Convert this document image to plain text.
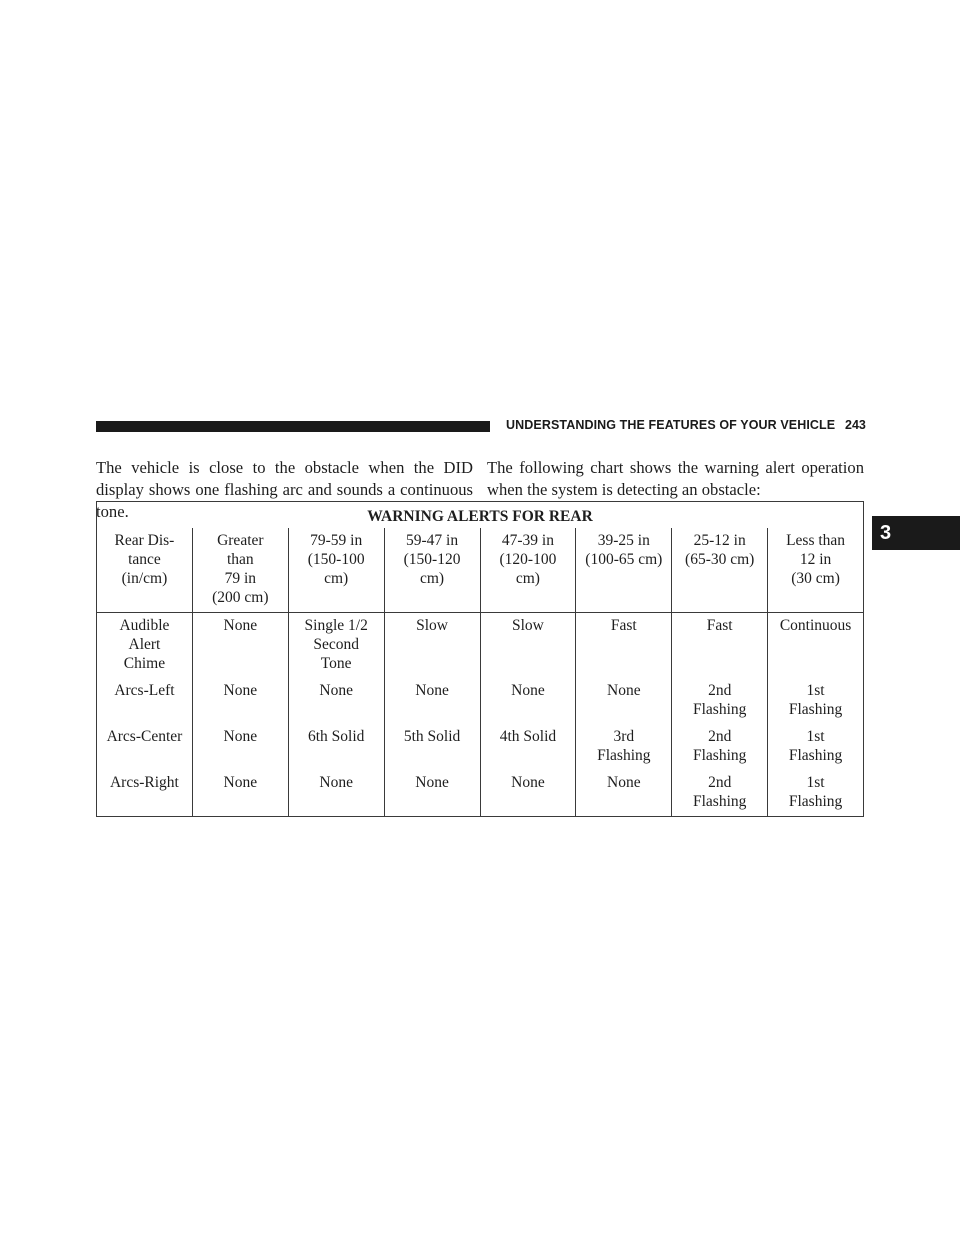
UNDERSTANDING THE FEATURES OF YOUR VEHICLE 243
3

The vehicle is close to the obstacle when the DID display shows one flashing arc and sounds a continuous tone.

The following chart shows the warning alert operation when the system is detecting an obstacle:

WARNING ALERTS FOR REAR							

Rear Dis-
tance
(in/cm)	Greater
than
79 in
(200 cm)	79-59 in
(150-100
cm)	59-47 in
(150-120
cm)	47-39 in
(120-100
cm)	39-25 in
(100-65 cm)	25-12 in
(65-30 cm)	Less than
12 in
(30 cm)

Audible
Alert
Chime	None	Single 1/2
Second
Tone	Slow	Slow	Fast	Fast	Continuous

Arcs-Left	None	None	None	None	None	2nd
Flashing	1st
Flashing

Arcs-Center	None	6th Solid	5th Solid	4th Solid	3rd
Flashing	2nd
Flashing	1st
Flashing

Arcs-Right	None	None	None	None	None	2nd
Flashing	1st
Flashing
